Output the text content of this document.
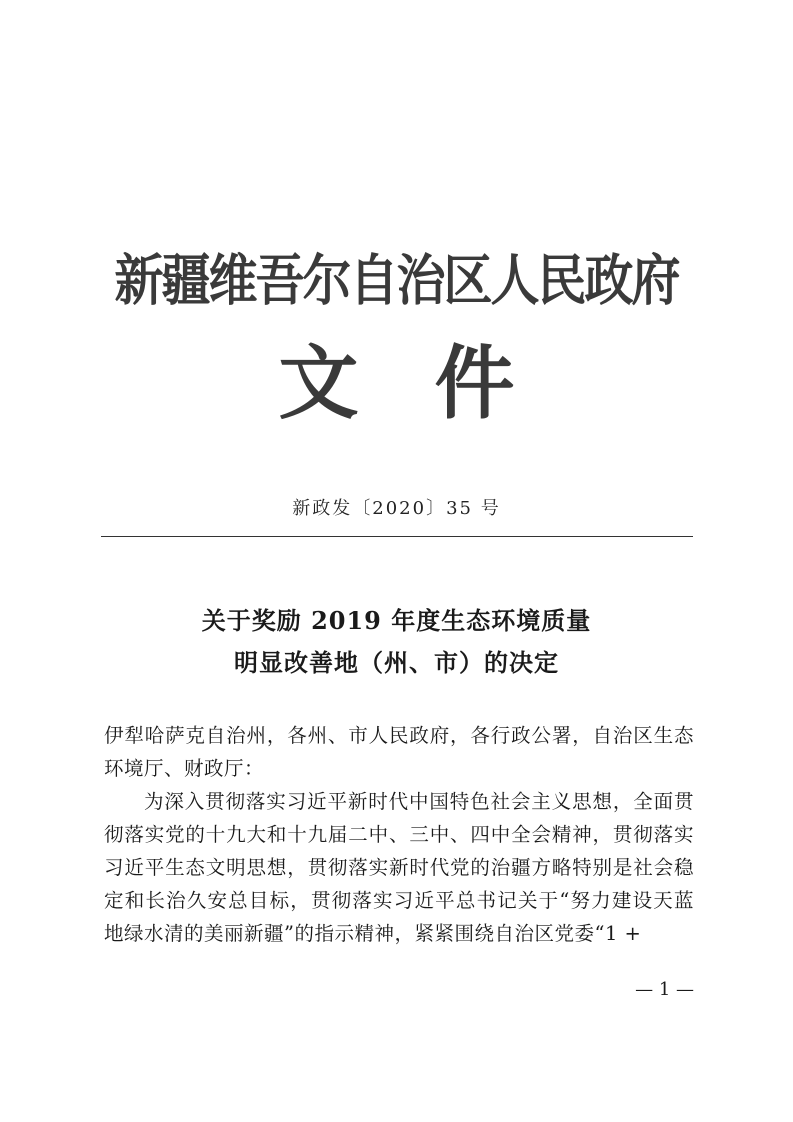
新疆维吾尔自治区人民政府
文 件
新政发〔2020〕35 号
关于奖励 2019 年度生态环境质量
明显改善地（州、市）的决定

伊犁哈萨克自治州，各州、市人民政府，各行政公署，自治区生态环境厅、财政厅：

为深入贯彻落实习近平新时代中国特色社会主义思想，全面贯彻落实党的十九大和十九届二中、三中、四中全会精神，贯彻落实习近平生态文明思想，贯彻落实新时代党的治疆方略特别是社会稳定和长治久安总目标，贯彻落实习近平总书记关于“努力建设天蓝地绿水清的美丽新疆”的指示精神，紧紧围绕自治区党委“1 +

— 1 —
